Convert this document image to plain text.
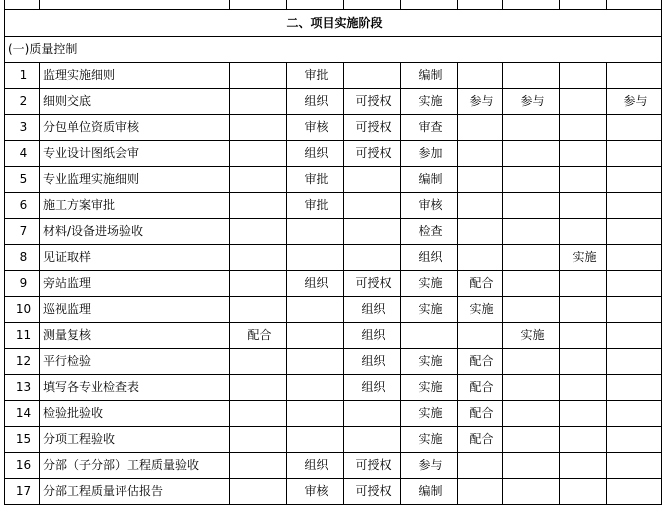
二、项目实施阶段									
(一)质量控制									
1	监理实施细则		审批		编制				
2	细则交底		组织	可授权	实施	参与	参与		参与
3	分包单位资质审核		审核	可授权	审查				
4	专业设计图纸会审		组织	可授权	参加				
5	专业监理实施细则		审批		编制				
6	施工方案审批		审批		审核				
7	材料/设备进场验收				检查				
8	见证取样				组织			实施	
9	旁站监理		组织	可授权	实施	配合			
10	巡视监理			组织	实施	实施			
11	测量复核	配合		组织			实施		
12	平行检验			组织	实施	配合			
13	填写各专业检查表			组织	实施	配合			
14	检验批验收				实施	配合			
15	分项工程验收				实施	配合			
16	分部（子分部）工程质量验收		组织	可授权	参与				
17	分部工程质量评估报告		审核	可授权	编制				
